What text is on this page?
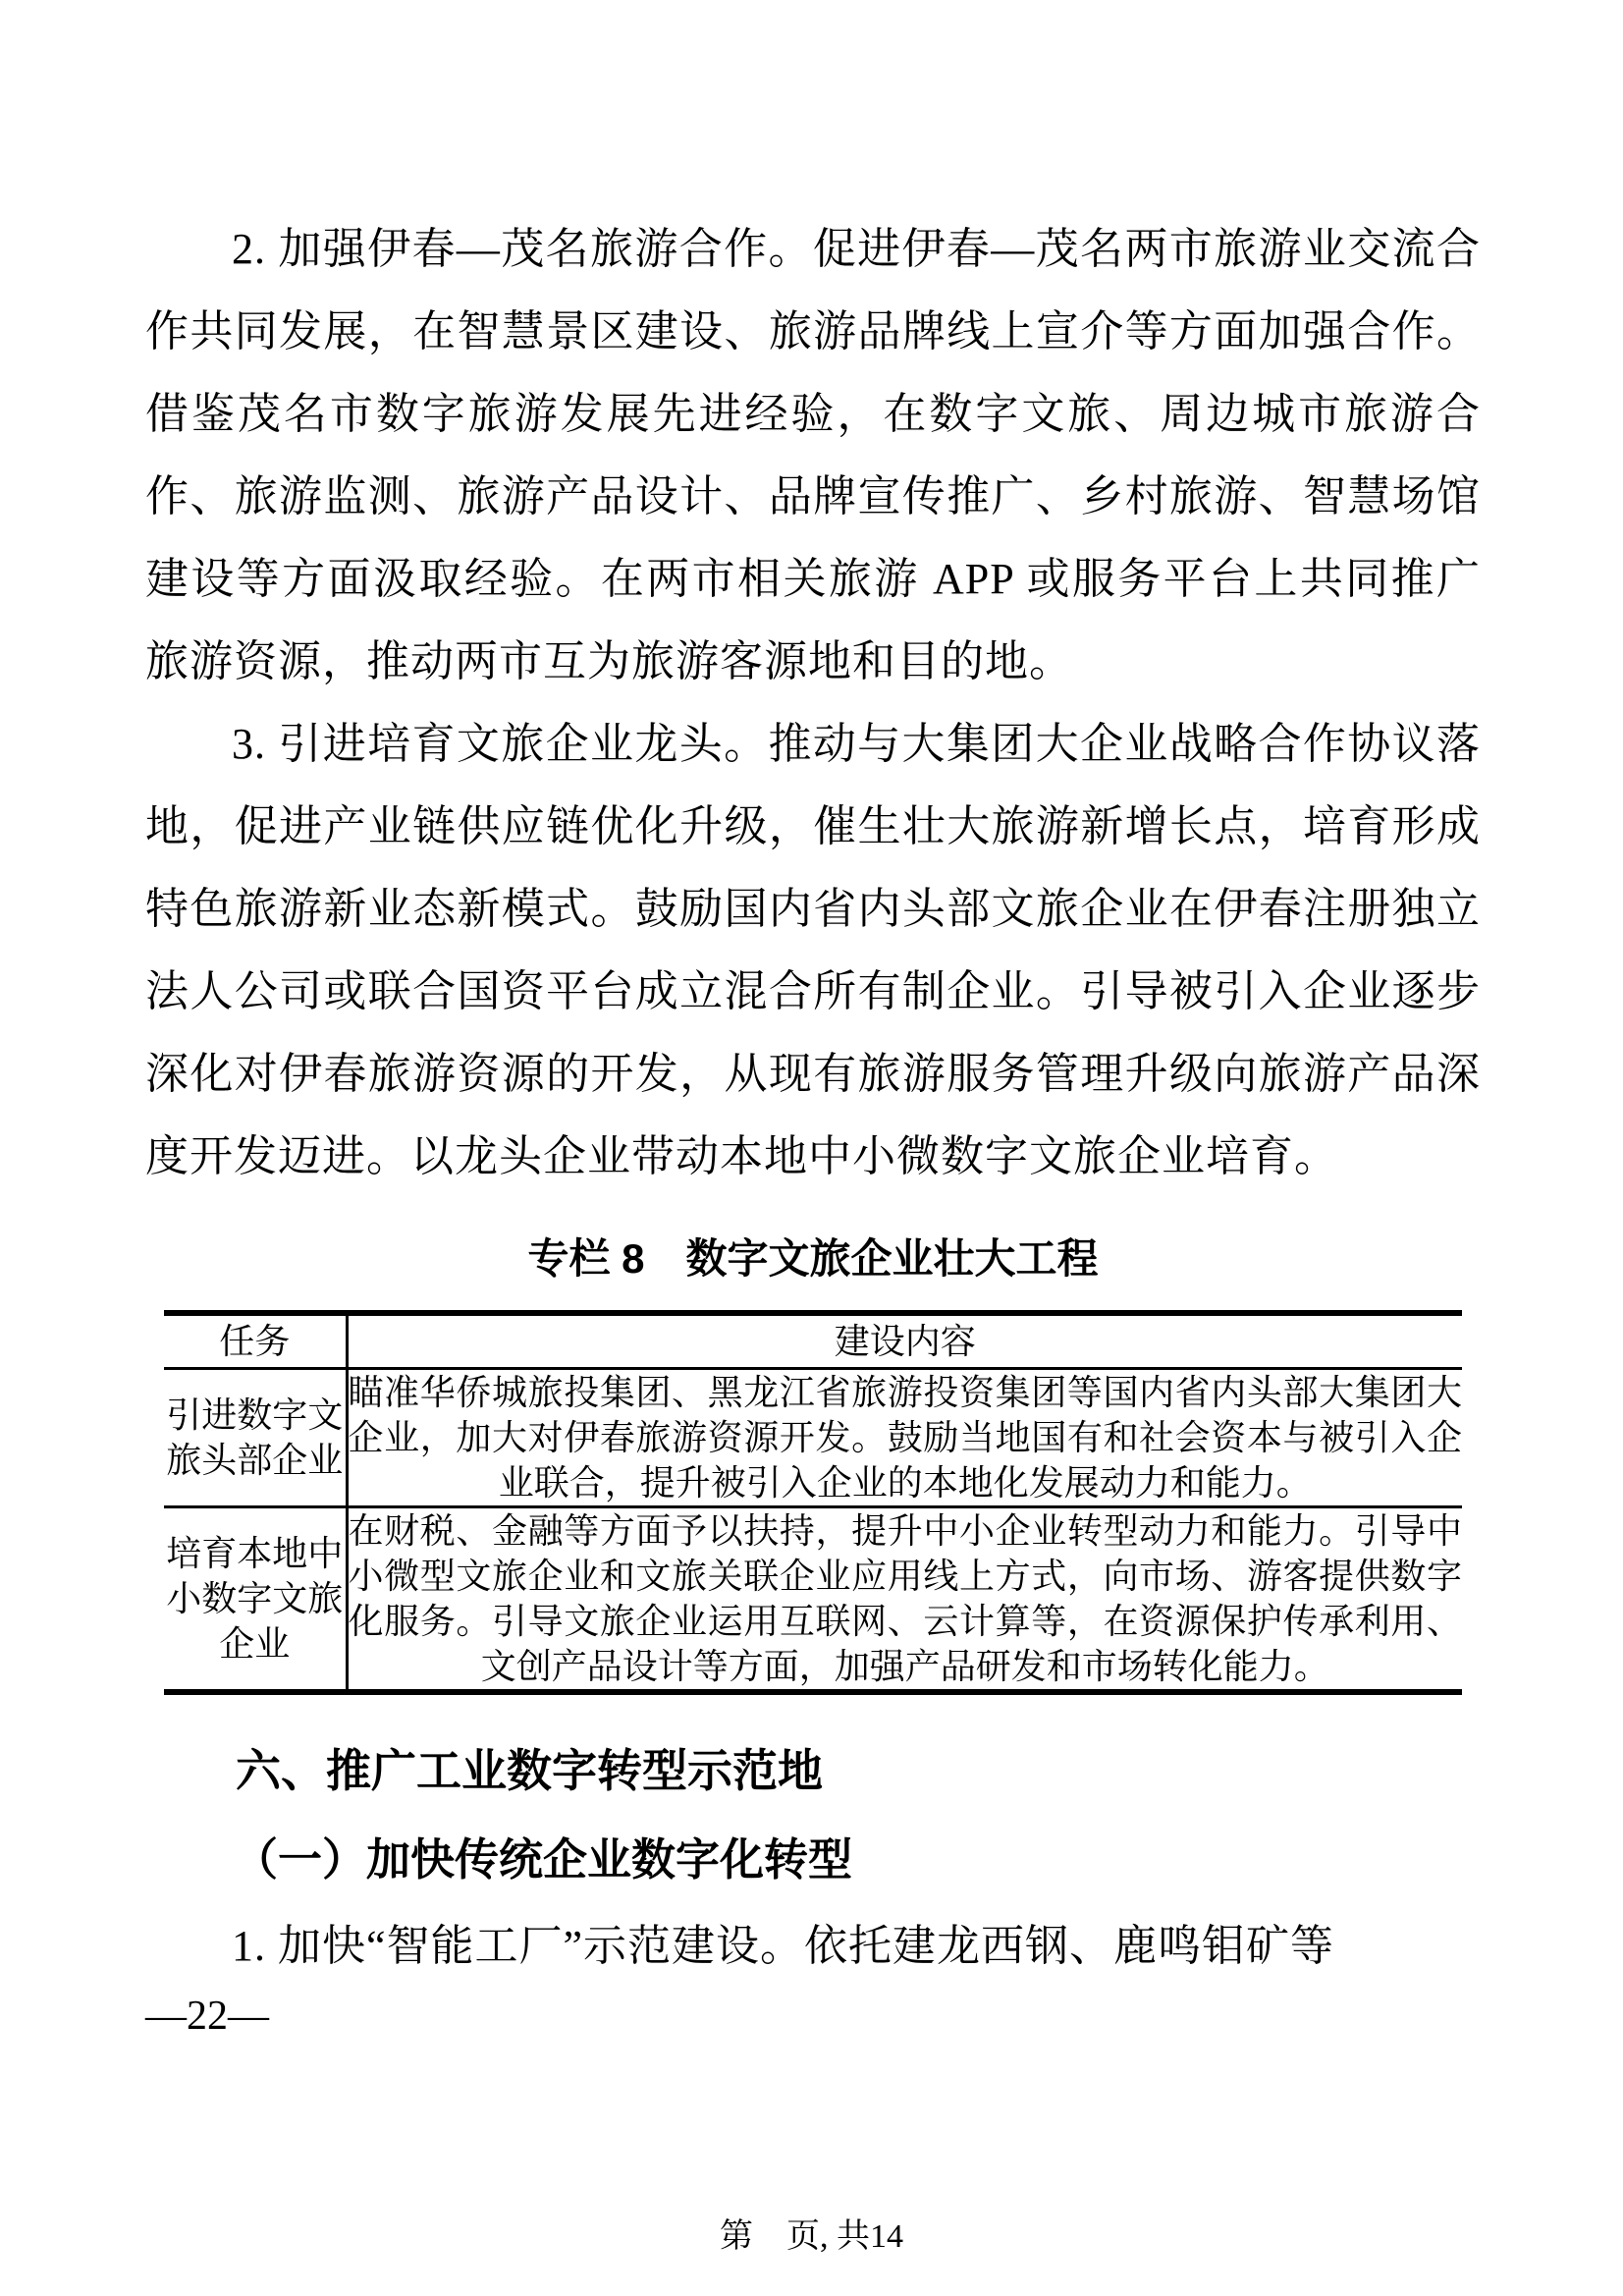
2. 加强伊春—茂名旅游合作。促进伊春—茂名两市旅游业交流合作共同发展，在智慧景区建设、旅游品牌线上宣介等方面加强合作。借鉴茂名市数字旅游发展先进经验，在数字文旅、周边城市旅游合作、旅游监测、旅游产品设计、品牌宣传推广、乡村旅游、智慧场馆建设等方面汲取经验。在两市相关旅游 APP 或服务平台上共同推广旅游资源，推动两市互为旅游客源地和目的地。

3. 引进培育文旅企业龙头。推动与大集团大企业战略合作协议落地，促进产业链供应链优化升级，催生壮大旅游新增长点，培育形成特色旅游新业态新模式。鼓励国内省内头部文旅企业在伊春注册独立法人公司或联合国资平台成立混合所有制企业。引导被引入企业逐步深化对伊春旅游资源的开发，从现有旅游服务管理升级向旅游产品深度开发迈进。以龙头企业带动本地中小微数字文旅企业培育。

专栏 8　数字文旅企业壮大工程
任务	建设内容
引进数字文旅头部企业	瞄准华侨城旅投集团、黑龙江省旅游投资集团等国内省内头部大集团大企业，加大对伊春旅游资源开发。鼓励当地国有和社会资本与被引入企业联合，提升被引入企业的本地化发展动力和能力。
培育本地中小数字文旅企业	在财税、金融等方面予以扶持，提升中小企业转型动力和能力。引导中小微型文旅企业和文旅关联企业应用线上方式，向市场、游客提供数字化服务。引导文旅企业运用互联网、云计算等，在资源保护传承利用、文创产品设计等方面，加强产品研发和市场转化能力。
六、推广工业数字转型示范地
（一）加快传统企业数字化转型

1. 加快“智能工厂”示范建设。依托建龙西钢、鹿鸣钼矿等

—22—
第　页, 共14
